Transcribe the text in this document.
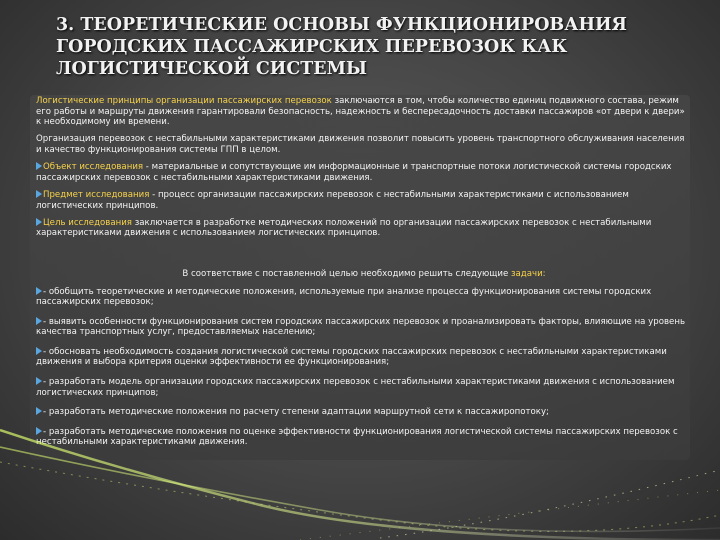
3. ТЕОРЕТИЧЕСКИЕ ОСНОВЫ ФУНКЦИОНИРОВАНИЯ
ГОРОДСКИХ ПАССАЖИРСКИХ ПЕРЕВОЗОК КАК
ЛОГИСТИЧЕСКОЙ СИСТЕМЫ

Логистические принципы организации пассажирских перевозок заключаются в том, чтобы количество единиц подвижного состава, режим его работы и маршруты движения гарантировали безопасность, надежность и беспересадочность доставки пассажиров «от двери к двери» к необходимому им времени.

Организация перевозок с нестабильными характеристиками движения позволит повысить уровень транспортного обслуживания населения и качество функционирования системы ГПП в целом.

Объект исследования - материальные и сопутствующие им информационные и транспортные потоки логистической системы городских пассажирских перевозок с нестабильными характеристиками движения.

Предмет исследования - процесс организации пассажирских перевозок с нестабильными характеристиками с использованием логистических принципов.

Цель исследования заключается в разработке методических положений по организации пассажирских перевозок с нестабильными характеристиками движения с использованием логистических принципов.

В соответствие с поставленной целью необходимо решить следующие задачи:

- обобщить теоретические и методические положения, используемые при анализе процесса функционирования системы городских пассажирских перевозок;

- выявить особенности функционирования систем городских пассажирских перевозок и проанализировать факторы, влияющие на уровень качества транспортных услуг, предоставляемых населению;

- обосновать необходимость создания логистической системы городских пассажирских перевозок с нестабильными характеристиками движения и выбора критерия оценки эффективности ее функционирования;

- разработать модель организации городских пассажирских перевозок с нестабильными характеристиками движения с использованием логистических принципов;

- разработать методические положения по расчету степени адаптации маршрутной сети к пассажиропотоку;

- разработать методические положения по оценке эффективности функционирования логистической системы пассажирских перевозок с нестабильными характеристиками движения.
